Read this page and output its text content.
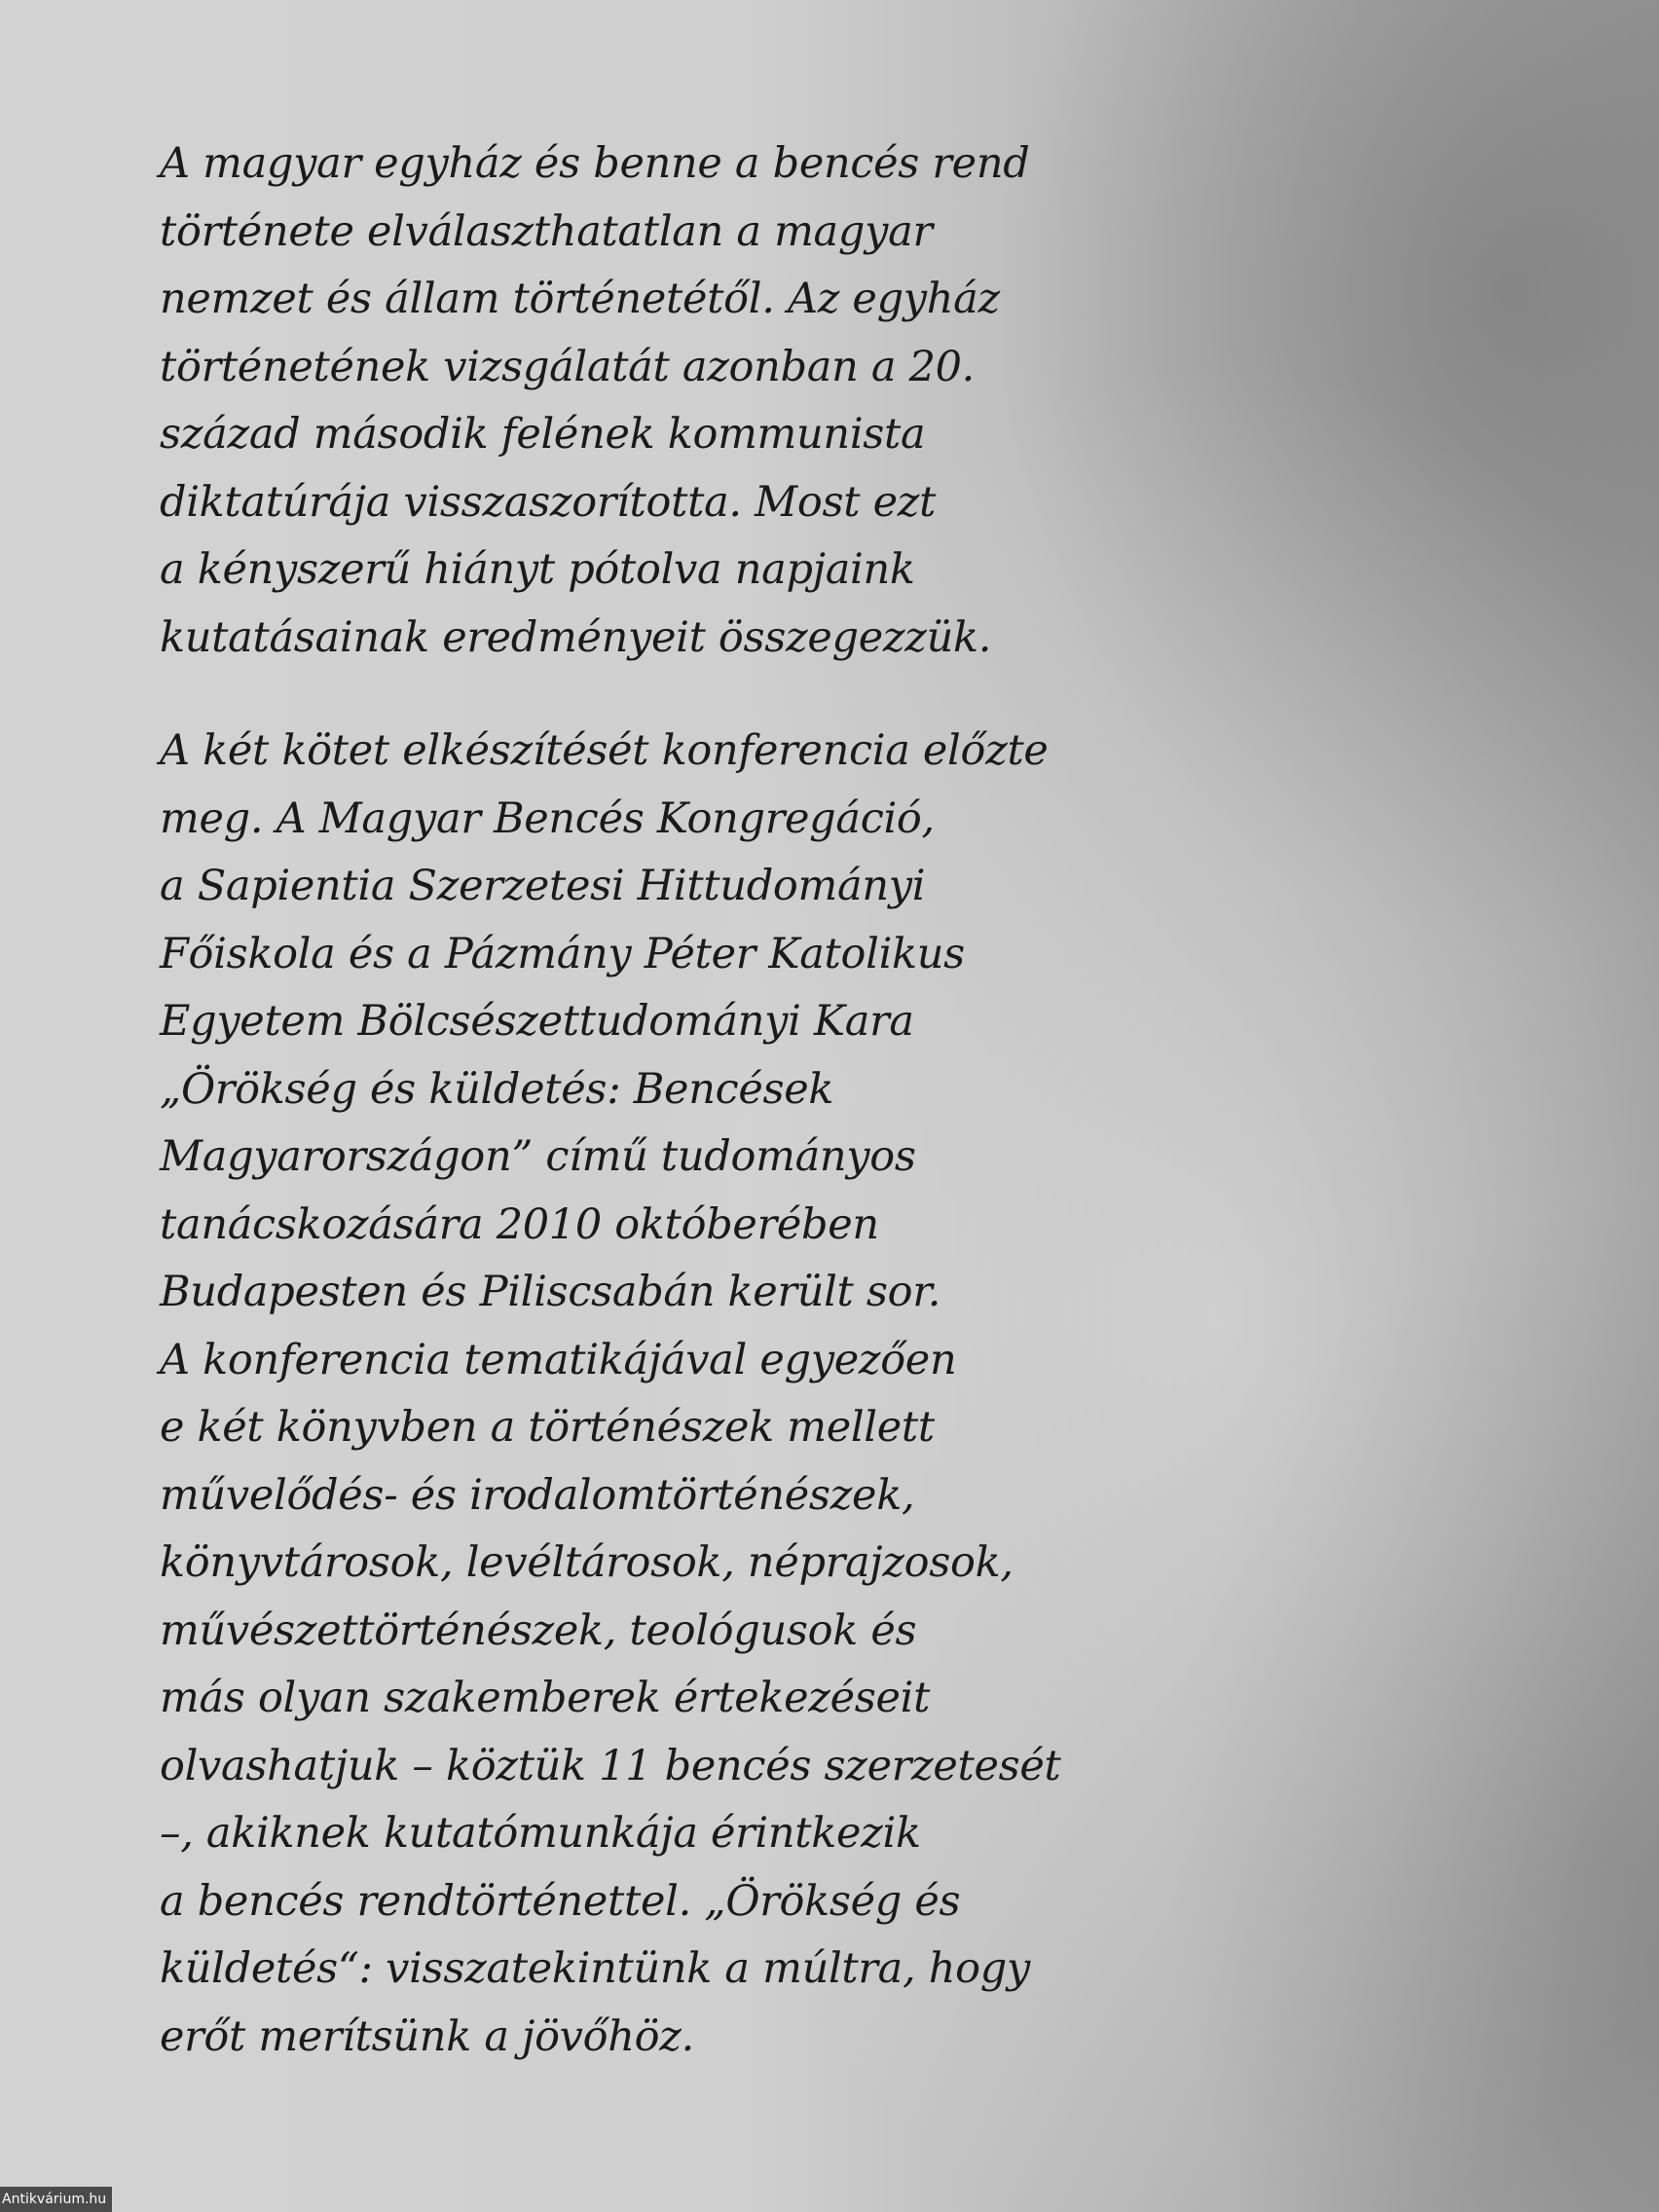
A magyar egyház és benne a bencés rend
története elválaszthatatlan a magyar
nemzet és állam történetétől. Az egyház
történetének vizsgálatát azonban a 20.
század második felének kommunista
diktatúrája visszaszorította. Most ezt
a kényszerű hiányt pótolva napjaink
kutatásainak eredményeit összegezzük.
A két kötet elkészítését konferencia előzte
meg. A Magyar Bencés Kongregáció,
a Sapientia Szerzetesi Hittudományi
Főiskola és a Pázmány Péter Katolikus
Egyetem Bölcsészettudományi Kara
„Örökség és küldetés: Bencések
Magyarországon” című tudományos
tanácskozására 2010 októberében
Budapesten és Piliscsabán került sor.
A konferencia tematikájával egyezően
e két könyvben a történészek mellett
művelődés- és irodalomtörténészek,
könyvtárosok, levéltárosok, néprajzosok,
művészettörténészek, teológusok és
más olyan szakemberek értekezéseit
olvashatjuk – köztük 11 bencés szerzetesét
–, akiknek kutatómunkája érintkezik
a bencés rendtörténettel. „Örökség és
küldetés“: visszatekintünk a múltra, hogy
erőt merítsünk a jövőhöz.
Antikvárium.hu
